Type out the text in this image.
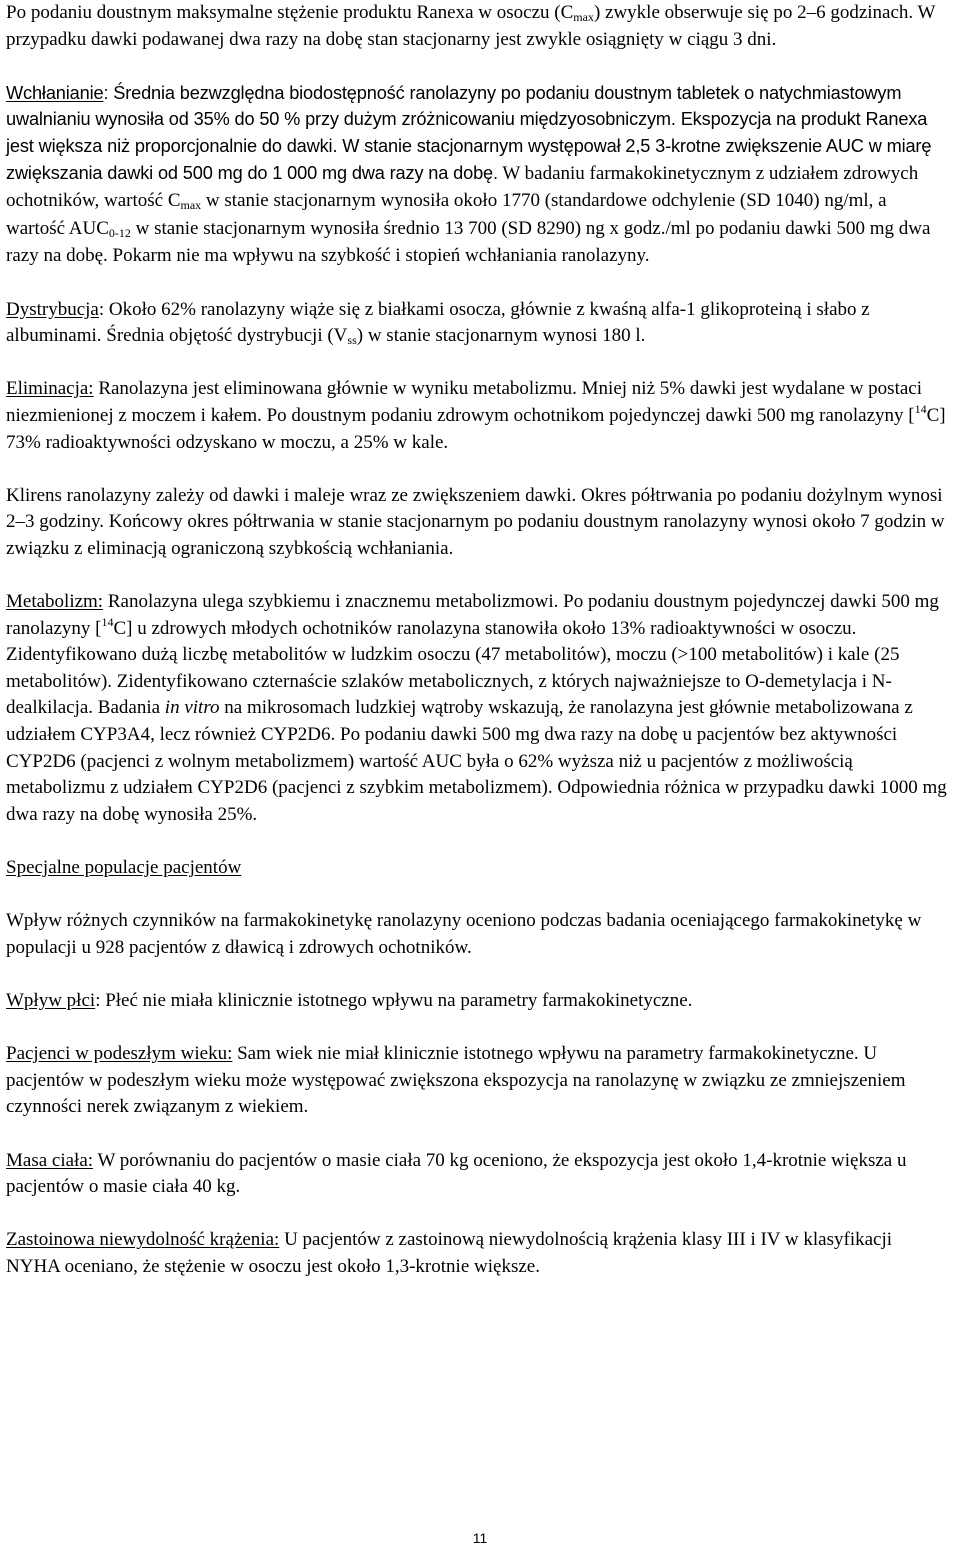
Po podaniu doustnym maksymalne stężenie produktu Ranexa w osoczu $(C_{max})$ zwykle obserwuje się po 2–6 godzinach. W przypadku dawki podawanej dwa razy na dobę stan stacjonarny jest zwykle osiągnięty w ciągu 3 dni.

Wchłanianie: Średnia bezwzględna biodostępność ranolazyny po podaniu doustnym tabletek o natychmiastowym uwalnianiu wynosiła od 35% do 50 % przy dużym zróżnicowaniu międzyosobniczym. Ekspozycja na produkt Ranexa jest większa niż proporcjonalnie do dawki. W stanie stacjonarnym występował 2,5 3-krotne zwiększenie AUC w miarę zwiększania dawki od 500 mg do 1 000 mg dwa razy na dobę. W badaniu farmakokinetycznym z udziałem zdrowych ochotników, wartość $C_{max}$ w stanie stacjonarnym wynosiła około 1770 (standardowe odchylenie (SD 1040) ng/ml, a wartość $AUC_{0-12}$ w stanie stacjonarnym wynosiła średnio 13 700 (SD 8290) ng x godz./ml po podaniu dawki 500 mg dwa razy na dobę. Pokarm nie ma wpływu na szybkość i stopień wchłaniania ranolazyny.

Dystrybucja: Około 62% ranolazyny wiąże się z białkami osocza, głównie z kwaśną alfa-1 glikoproteiną i słabo z albuminami. Średnia objętość dystrybucji $(V_{ss})$ w stanie stacjonarnym wynosi 180 l.

Eliminacja: Ranolazyna jest eliminowana głównie w wyniku metabolizmu. Mniej niż 5% dawki jest wydalane w postaci niezmienionej z moczem i kałem. Po doustnym podaniu zdrowym ochotnikom pojedynczej dawki 500 mg ranolazyny [$^{14}$C] 73% radioaktywności odzyskano w moczu, a 25% w kale.

Klirens ranolazyny zależy od dawki i maleje wraz ze zwiększeniem dawki. Okres półtrwania po podaniu dożylnym wynosi 2–3 godziny. Końcowy okres półtrwania w stanie stacjonarnym po podaniu doustnym ranolazyny wynosi około 7 godzin w związku z eliminacją ograniczoną szybkością wchłaniania.

Metabolizm: Ranolazyna ulega szybkiemu i znacznemu metabolizmowi. Po podaniu doustnym pojedynczej dawki 500 mg ranolazyny [$^{14}$C] u zdrowych młodych ochotników ranolazyna stanowiła około 13% radioaktywności w osoczu. Zidentyfikowano dużą liczbę metabolitów w ludzkim osoczu (47 metabolitów), moczu (>100 metabolitów) i kale (25 metabolitów). Zidentyfikowano czternaście szlaków metabolicznych, z których najważniejsze to O-demetylacja i N-dealkilacja. Badania in vitro na mikrosomach ludzkiej wątroby wskazują, że ranolazyna jest głównie metabolizowana z udziałem CYP3A4, lecz również CYP2D6. Po podaniu dawki 500 mg dwa razy na dobę u pacjentów bez aktywności CYP2D6 (pacjenci z wolnym metabolizmem) wartość AUC była o 62% wyższa niż u pacjentów z możliwością metabolizmu z udziałem CYP2D6 (pacjenci z szybkim metabolizmem). Odpowiednia różnica w przypadku dawki 1000 mg dwa razy na dobę wynosiła 25%.

Specjalne populacje pacjentów

Wpływ różnych czynników na farmakokinetykę ranolazyny oceniono podczas badania oceniającego farmakokinetykę w populacji u 928 pacjentów z dławicą i zdrowych ochotników.

Wpływ płci: Płeć nie miała klinicznie istotnego wpływu na parametry farmakokinetyczne.

Pacjenci w podeszłym wieku: Sam wiek nie miał klinicznie istotnego wpływu na parametry farmakokinetyczne. U pacjentów w podeszłym wieku może występować zwiększona ekspozycja na ranolazynę w związku ze zmniejszeniem czynności nerek związanym z wiekiem.

Masa ciała: W porównaniu do pacjentów o masie ciała 70 kg oceniono, że ekspozycja jest około 1,4-krotnie większa u pacjentów o masie ciała 40 kg.

Zastoinowa niewydolność krążenia: U pacjentów z zastoinową niewydolnością krążenia klasy III i IV w klasyfikacji NYHA oceniano, że stężenie w osoczu jest około 1,3-krotnie większe.

11
